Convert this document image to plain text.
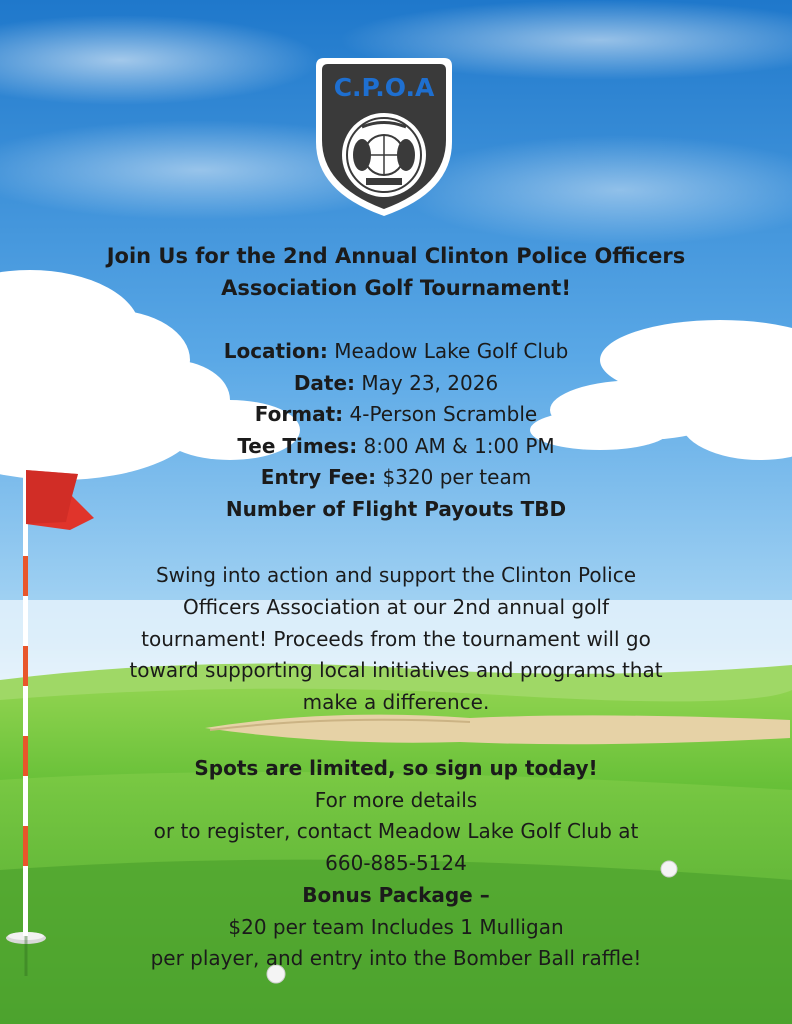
C.P.O.A
Join Us for the 2nd Annual Clinton Police Officers
Association Golf Tournament!
Location: Meadow Lake Golf Club
Date: May 23, 2026
Format: 4-Person Scramble
Tee Times: 8:00 AM & 1:00 PM
Entry Fee: $320 per team
Number of Flight Payouts TBD
Swing into action and support the Clinton Police
Officers Association at our 2nd annual golf
tournament! Proceeds from the tournament will go
toward supporting local initiatives and programs that
make a difference.
Spots are limited, so sign up today!
For more details
or to register, contact Meadow Lake Golf Club at
660-885-5124
Bonus Package –
$20 per team Includes 1 Mulligan
per player, and entry into the Bomber Ball raffle!
